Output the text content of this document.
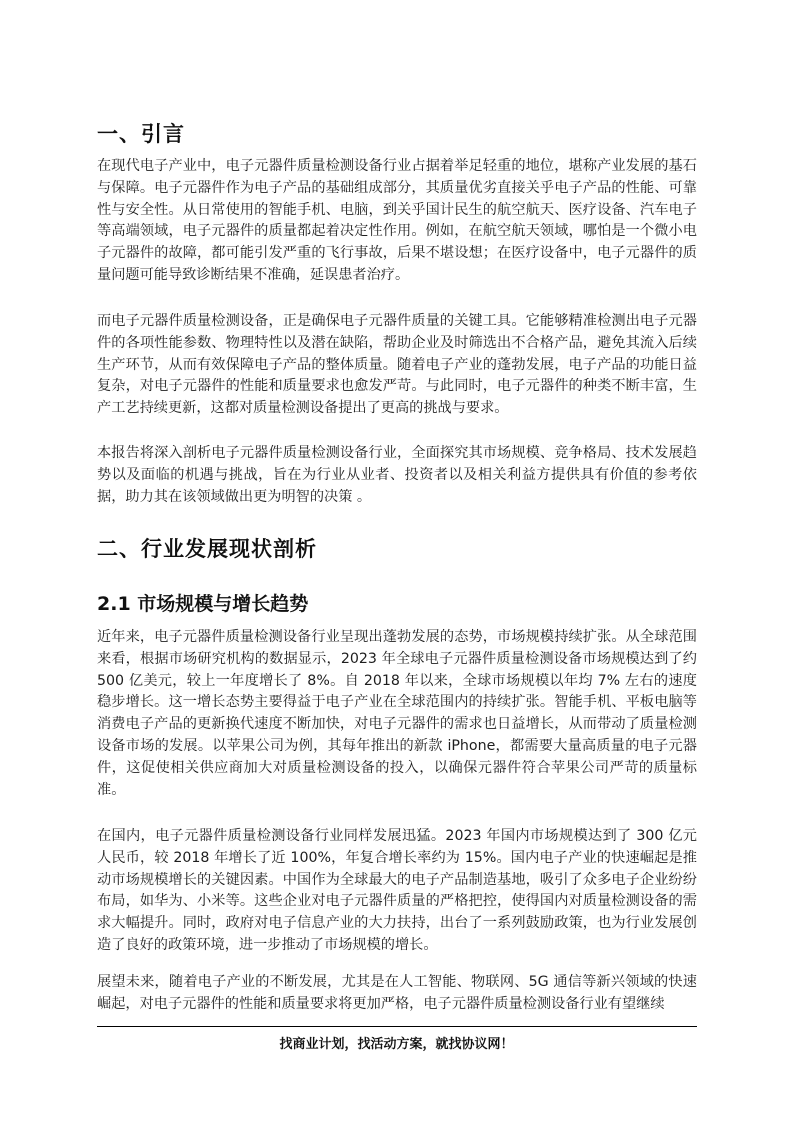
一、引言

在现代电子产业中，电子元器件质量检测设备行业占据着举足轻重的地位，堪称产业发展的基石与保障。电子元器件作为电子产品的基础组成部分，其质量优劣直接关乎电子产品的性能、可靠性与安全性。从日常使用的智能手机、电脑，到关乎国计民生的航空航天、医疗设备、汽车电子等高端领域，电子元器件的质量都起着决定性作用。例如，在航空航天领域，哪怕是一个微小电子元器件的故障，都可能引发严重的飞行事故，后果不堪设想；在医疗设备中，电子元器件的质量问题可能导致诊断结果不准确，延误患者治疗。

而电子元器件质量检测设备，正是确保电子元器件质量的关键工具。它能够精准检测出电子元器件的各项性能参数、物理特性以及潜在缺陷，帮助企业及时筛选出不合格产品，避免其流入后续生产环节，从而有效保障电子产品的整体质量。随着电子产业的蓬勃发展，电子产品的功能日益复杂，对电子元器件的性能和质量要求也愈发严苛。与此同时，电子元器件的种类不断丰富，生产工艺持续更新，这都对质量检测设备提出了更高的挑战与要求。

本报告将深入剖析电子元器件质量检测设备行业，全面探究其市场规模、竞争格局、技术发展趋势以及面临的机遇与挑战，旨在为行业从业者、投资者以及相关利益方提供具有价值的参考依据，助力其在该领域做出更为明智的决策 。

二、行业发展现状剖析
2.1 市场规模与增长趋势

近年来，电子元器件质量检测设备行业呈现出蓬勃发展的态势，市场规模持续扩张。从全球范围来看，根据市场研究机构的数据显示，2023 年全球电子元器件质量检测设备市场规模达到了约 500 亿美元，较上一年度增长了 8%。自 2018 年以来，全球市场规模以年均 7% 左右的速度稳步增长。这一增长态势主要得益于电子产业在全球范围内的持续扩张。智能手机、平板电脑等消费电子产品的更新换代速度不断加快，对电子元器件的需求也日益增长，从而带动了质量检测设备市场的发展。以苹果公司为例，其每年推出的新款 iPhone，都需要大量高质量的电子元器件，这促使相关供应商加大对质量检测设备的投入，以确保元器件符合苹果公司严苛的质量标准。

在国内，电子元器件质量检测设备行业同样发展迅猛。2023 年国内市场规模达到了 300 亿元人民币，较 2018 年增长了近 100%，年复合增长率约为 15%。国内电子产业的快速崛起是推动市场规模增长的关键因素。中国作为全球最大的电子产品制造基地，吸引了众多电子企业纷纷布局，如华为、小米等。这些企业对电子元器件质量的严格把控，使得国内对质量检测设备的需求大幅提升。同时，政府对电子信息产业的大力扶持，出台了一系列鼓励政策，也为行业发展创造了良好的政策环境，进一步推动了市场规模的增长。

展望未来，随着电子产业的不断发展，尤其是在人工智能、物联网、5G 通信等新兴领域的快速崛起，对电子元器件的性能和质量要求将更加严格，电子元器件质量检测设备行业有望继续

找商业计划，找活动方案，就找协议网！
